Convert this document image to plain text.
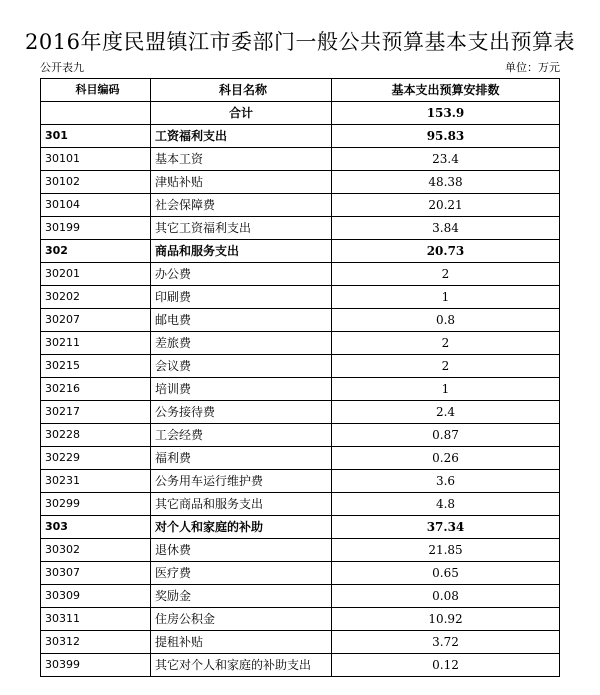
2016年度民盟镇江市委部门一般公共预算基本支出预算表
公开表九	单位：万元
科目编码	科目名称	基本支出预算安排数
	合计	153.9
301	工资福利支出	95.83
30101	基本工资	23.4
30102	津贴补贴	48.38
30104	社会保障费	20.21
30199	其它工资福利支出	3.84
302	商品和服务支出	20.73
30201	办公费	2
30202	印刷费	1
30207	邮电费	0.8
30211	差旅费	2
30215	会议费	2
30216	培训费	1
30217	公务接待费	2.4
30228	工会经费	0.87
30229	福利费	0.26
30231	公务用车运行维护费	3.6
30299	其它商品和服务支出	4.8
303	对个人和家庭的补助	37.34
30302	退休费	21.85
30307	医疗费	0.65
30309	奖励金	0.08
30311	住房公积金	10.92
30312	提租补贴	3.72
30399	其它对个人和家庭的补助支出	0.12
